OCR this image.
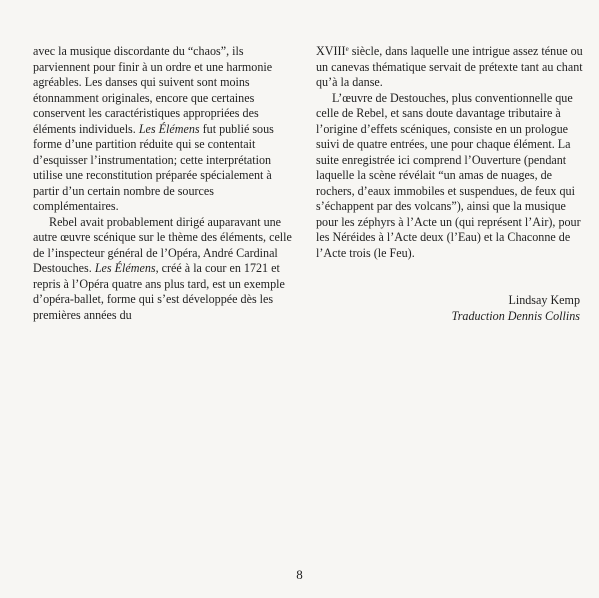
avec la musique discordante du “chaos”, ils parviennent pour finir à un ordre et une harmonie agréables. Les danses qui suivent sont moins étonnamment originales, encore que certaines conservent les caractéristiques appropriées des éléments individuels. Les Élémens fut publié sous forme d’une partition réduite qui se contentait d’esquisser l’instrumentation; cette interprétation utilise une reconstitution préparée spécialement à partir d’un certain nombre de sources complémentaires.

Rebel avait probablement dirigé auparavant une autre œuvre scénique sur le thème des éléments, celle de l’inspecteur général de l’Opéra, André Cardinal Destouches. Les Élémens, créé à la cour en 1721 et repris à l’Opéra quatre ans plus tard, est un exemple d’opéra-ballet, forme qui s’est développée dès les premières années du

XVIIIe siècle, dans laquelle une intrigue assez ténue ou un canevas thématique servait de prétexte tant au chant qu’à la danse.

L’œuvre de Destouches, plus conventionnelle que celle de Rebel, et sans doute davantage tributaire à l’origine d’effets scéniques, consiste en un prologue suivi de quatre entrées, une pour chaque élément. La suite enregistrée ici comprend l’Ouverture (pendant laquelle la scène révélait “un amas de nuages, de rochers, d’eaux immobiles et suspendues, de feux qui s’échappent par des volcans”), ainsi que la musique pour les zéphyrs à l’Acte un (qui représent l’Air), pour les Néréides à l’Acte deux (l’Eau) et la Chaconne de l’Acte trois (le Feu).

Lindsay Kemp
Traduction Dennis Collins
8
